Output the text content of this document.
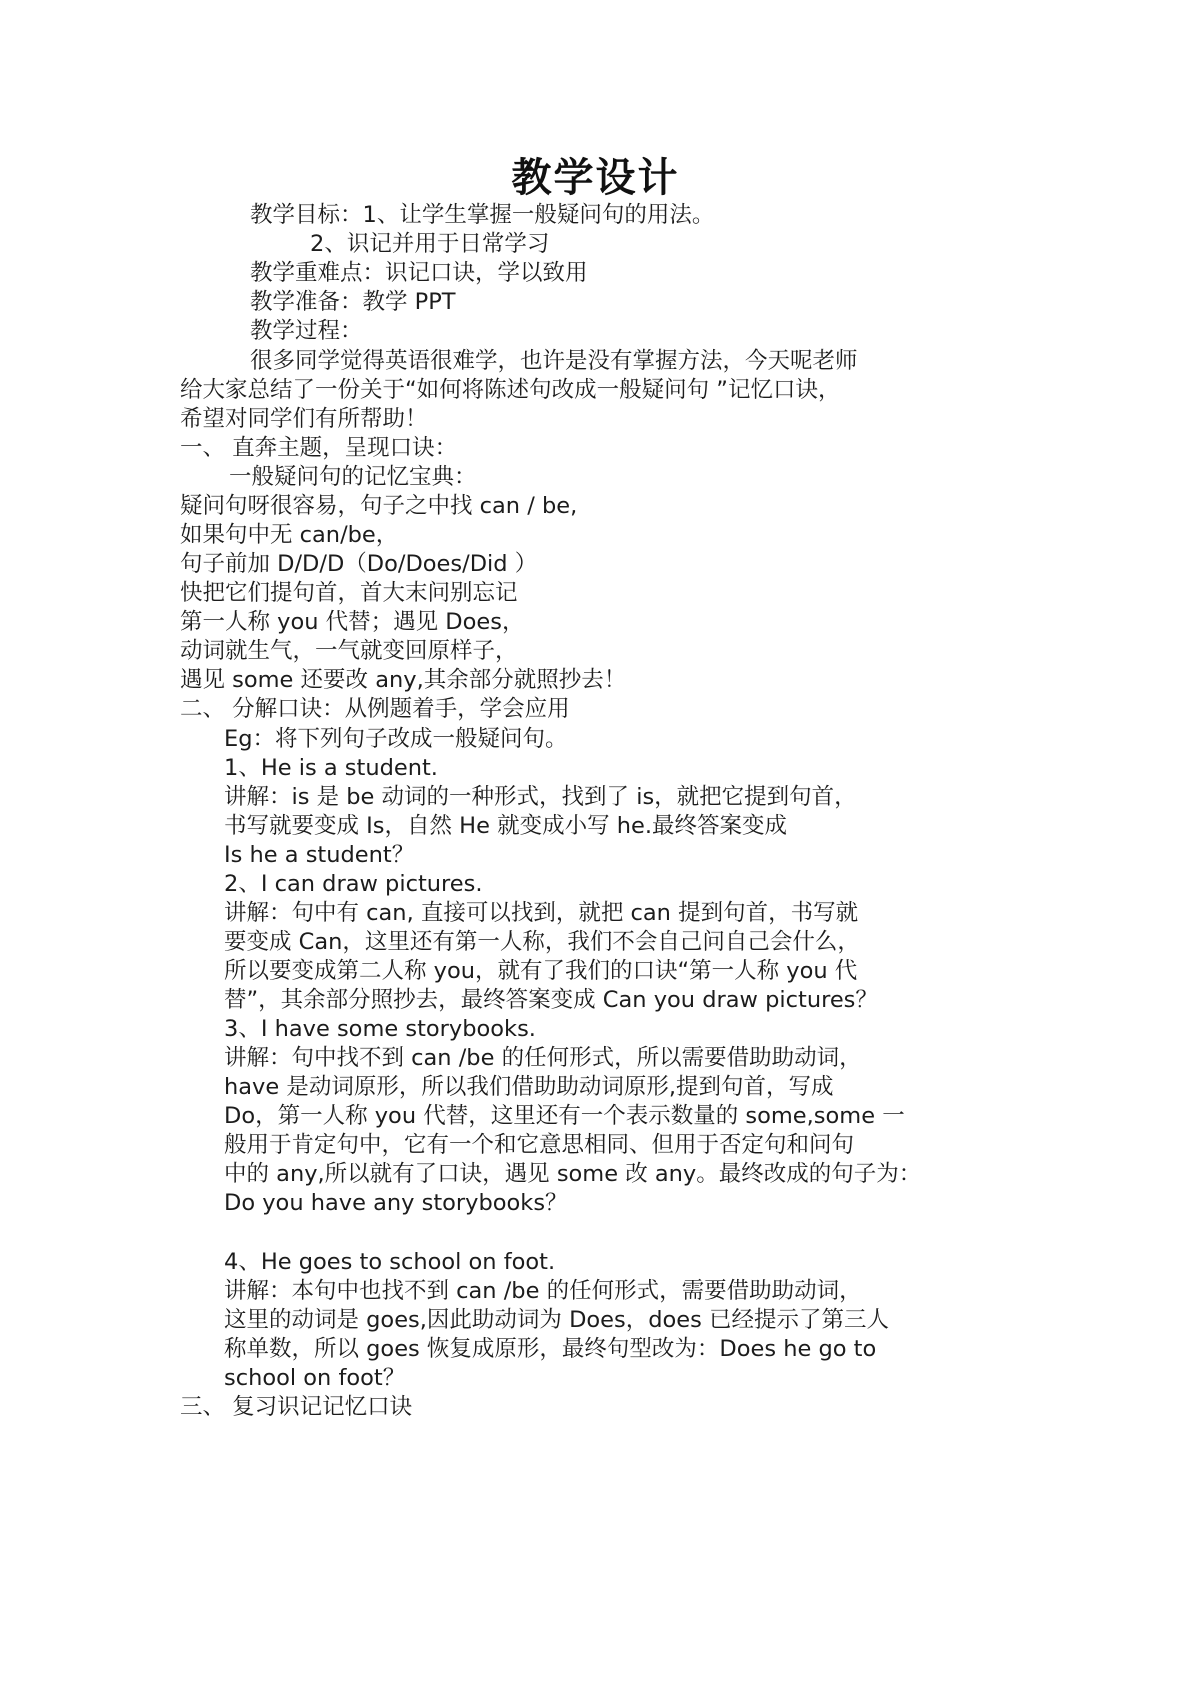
教学设计
教学目标：1、让学生掌握一般疑问句的用法。
2、识记并用于日常学习
教学重难点：识记口诀，学以致用
教学准备：教学 PPT
教学过程：
很多同学觉得英语很难学，也许是没有掌握方法，今天呢老师
给大家总结了一份关于“如何将陈述句改成一般疑问句 ”记忆口诀，
希望对同学们有所帮助！
一、 直奔主题，呈现口诀：
一般疑问句的记忆宝典：
疑问句呀很容易，句子之中找 can / be,
如果句中无 can/be，
句子前加 D/D/D（Do/Does/Did ）
快把它们提句首，首大末问别忘记
第一人称 you 代替；遇见 Does，
动词就生气，一气就变回原样子，
遇见 some 还要改 any,其余部分就照抄去！
二、 分解口诀：从例题着手，学会应用
Eg：将下列句子改成一般疑问句。
1、He is a student.
讲解：is 是 be 动词的一种形式，找到了 is，就把它提到句首，
书写就要变成 Is，自然 He 就变成小写 he.最终答案变成
Is he a student？
2、I can draw pictures.
讲解：句中有 can, 直接可以找到，就把 can 提到句首，书写就
要变成 Can，这里还有第一人称，我们不会自己问自己会什么，
所以要变成第二人称 you，就有了我们的口诀“第一人称 you 代
替”，其余部分照抄去，最终答案变成 Can you draw pictures？
3、I have some storybooks.
讲解：句中找不到 can /be 的任何形式，所以需要借助助动词，
have 是动词原形，所以我们借助助动词原形,提到句首，写成
Do，第一人称 you 代替，这里还有一个表示数量的 some,some 一
般用于肯定句中，它有一个和它意思相同、但用于否定句和问句
中的 any,所以就有了口诀，遇见 some 改 any。最终改成的句子为：
Do you have any storybooks？
4、He goes to school on foot.
讲解：本句中也找不到 can /be 的任何形式，需要借助助动词，
这里的动词是 goes,因此助动词为 Does，does 已经提示了第三人
称单数，所以 goes 恢复成原形，最终句型改为：Does he go to
school on foot？
三、 复习识记记忆口诀
